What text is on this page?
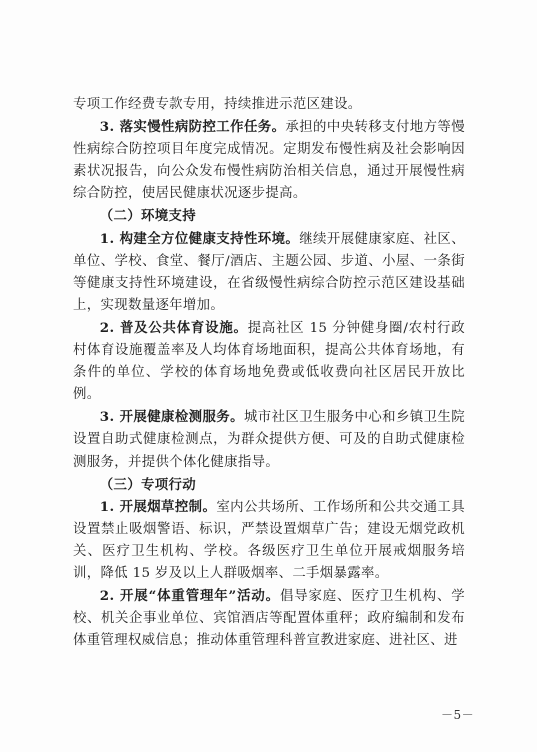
专项工作经费专款专用，持续推进示范区建设。

3. 落实慢性病防控工作任务。承担的中央转移支付地方等慢性病综合防控项目年度完成情况。定期发布慢性病及社会影响因素状况报告，向公众发布慢性病防治相关信息，通过开展慢性病综合防控，使居民健康状况逐步提高。

（二）环境支持

1. 构建全方位健康支持性环境。继续开展健康家庭、社区、单位、学校、食堂、餐厅/酒店、主题公园、步道、小屋、一条街等健康支持性环境建设，在省级慢性病综合防控示范区建设基础上，实现数量逐年增加。

2. 普及公共体育设施。提高社区 15 分钟健身圈/农村行政村体育设施覆盖率及人均体育场地面积，提高公共体育场地，有条件的单位、学校的体育场地免费或低收费向社区居民开放比例。

3. 开展健康检测服务。城市社区卫生服务中心和乡镇卫生院设置自助式健康检测点，为群众提供方便、可及的自助式健康检测服务，并提供个体化健康指导。

（三）专项行动

1. 开展烟草控制。室内公共场所、工作场所和公共交通工具设置禁止吸烟警语、标识，严禁设置烟草广告；建设无烟党政机关、医疗卫生机构、学校。各级医疗卫生单位开展戒烟服务培训，降低 15 岁及以上人群吸烟率、二手烟暴露率。

2. 开展“体重管理年”活动。倡导家庭、医疗卫生机构、学校、机关企事业单位、宾馆酒店等配置体重秤；政府编制和发布体重管理权威信息；推动体重管理科普宣教进家庭、进社区、进

－5－
